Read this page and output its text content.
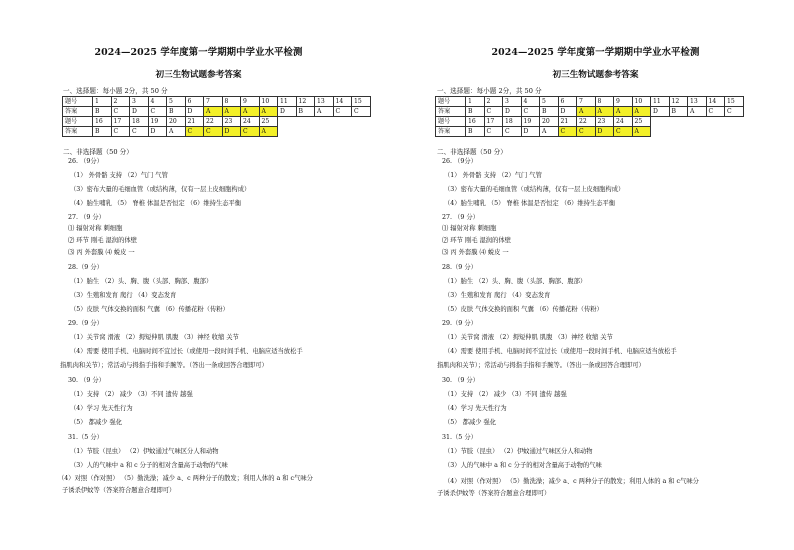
2024—2025 学年度第一学期期中学业水平检测
初三生物试题参考答案
一、选择题：每小题 2分，共 50 分
题号	1	2	3	4	5	6	7	8	9	10	11	12	13	14	15
答案	B	C	D	C	B	D	A	A	A	A	D	B	A	C	C
题号	16	17	18	19	20	21	22	23	24	25					
答案	B	C	C	D	A	C	C	D	C	A					
二、非选择题（50 分）
26. （9分）
（1） 外骨骼 支持 （2）气门 气管
（3）密布大量的毛细血管（或结构薄，仅有一层上皮细胞构成）
（4）胎生哺乳 （5） 脊椎 体温是否恒定 （6）维持生态平衡
27. （9 分）
⑴ 辐射对称 刺细胞
⑵ 环节 刚毛 湿润的体壁
⑶ 丙 外套膜 ⑷ 蜕皮 一
28.（9 分）
（1）胎生 （2）头、胸、腹（头部、胸部、腹部）
（3）生殖和发育 爬行 （4）变态发育
（5）皮肤 气体交换的面积 气囊 （6）传播花粉（传粉）
29.（9 分）
（1）关节窝 滑液 （2）拇短伸肌 肌腹 （3）神经 收缩 关节
（4）需要 使用手机、电脑时间不宜过长（或使用一段时间手机、电脑应适当放松手
指肌肉和关节）；常活动与拇指手指和手腕等。（答出一条或回答合理即可）
30. （9 分）
（1）支持 （2） 减少 （3）不同 遗传 越强
（4）学习 先天性行为
（5） 都减少 强化
31.（5 分）
（1）节肢（昆虫） （2）伊蚊通过气味区分人和动物
（3）人的气味中 a 和 c 分子的相对含量高于动物的气味
（4）对照（作对照） （5）勤洗澡；减少 a、c 两种分子的散发；利用人体的 a 和 c气味分
子诱杀伊蚊等（答案符合题意合理即可）
2024—2025 学年度第一学期期中学业水平检测
初三生物试题参考答案
一、选择题：每小题 2分，共 50 分
题号	1	2	3	4	5	6	7	8	9	10	11	12	13	14	15
答案	B	C	D	C	B	D	A	A	A	A	D	B	A	C	C
题号	16	17	18	19	20	21	22	23	24	25					
答案	B	C	C	D	A	C	C	D	C	A					
二、非选择题（50 分）
26. （9分）
（1） 外骨骼 支持 （2）气门 气管
（3）密布大量的毛细血管（或结构薄，仅有一层上皮细胞构成）
（4）胎生哺乳 （5） 脊椎 体温是否恒定 （6）维持生态平衡
27. （9 分）
⑴ 辐射对称 刺细胞
⑵ 环节 刚毛 湿润的体壁
⑶ 丙 外套膜 ⑷ 蜕皮 一
28.（9 分）
（1）胎生 （2）头、胸、腹（头部、胸部、腹部）
（3）生殖和发育 爬行 （4）变态发育
（5）皮肤 气体交换的面积 气囊 （6）传播花粉（传粉）
29.（9 分）
（1）关节窝 滑液 （2）拇短伸肌 肌腹 （3）神经 收缩 关节
（4）需要 使用手机、电脑时间不宜过长（或使用一段时间手机、电脑应适当放松手
指肌肉和关节）；常活动与拇指手指和手腕等。（答出一条或回答合理即可）
30. （9 分）
（1）支持 （2） 减少 （3）不同 遗传 越强
（4）学习 先天性行为
（5） 都减少 强化
31.（5 分）
（1）节肢（昆虫） （2）伊蚊通过气味区分人和动物
（3）人的气味中 a 和 c 分子的相对含量高于动物的气味
（4）对照（作对照） （5）勤洗澡；减少 a、c 两种分子的散发；利用人体的 a 和 c气味分
子诱杀伊蚊等（答案符合题意合理即可）
